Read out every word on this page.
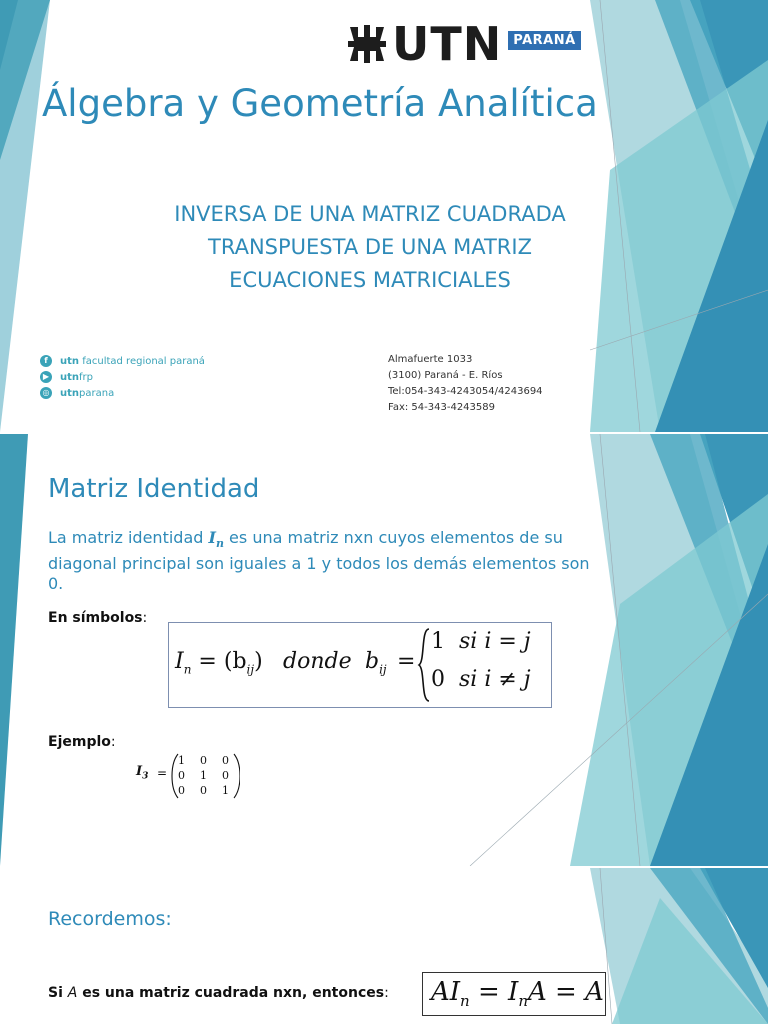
UTN PARANÁ
Álgebra y Geometría Analítica
INVERSA DE UNA MATRIZ CUADRADA
TRANSPUESTA DE UNA MATRIZ
ECUACIONES MATRICIALES
f	utn facultad regional paraná
▶ utnfrp
◎ utnparana
Almafuerte 1033
(3100) Paraná - E. Ríos
Tel:054-343-4243054/4243694
Fax: 54-343-4243589
Matriz Identidad

La matriz identidad $I_n$ es una matriz nxn cuyos elementos de su diagonal principal son iguales a 1 y todos los demás elementos son 0.

En símbolos:

$I_n = (b_{ij})$ donde $b_{ij}$ =
1 si i = j
0 si i ≠ j

Ejemplo:

$I_3$ =
1	0	0
0	1	0
0	0	1
Recordemos:

Si A es una matriz cuadrada nxn, entonces: $AI_n = I_nA = A$
